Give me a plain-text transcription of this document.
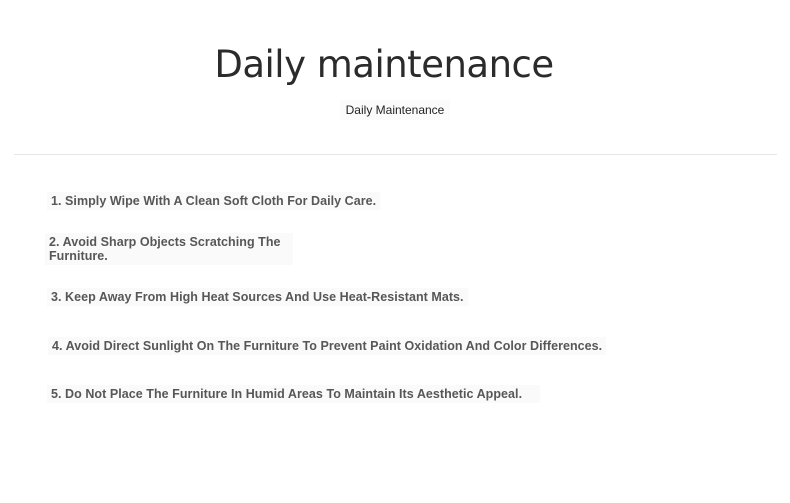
Daily maintenance
Daily Maintenance
1. Simply Wipe With A Clean Soft Cloth For Daily Care.
2. Avoid Sharp Objects Scratching The Furniture.
3. Keep Away From High Heat Sources And Use Heat-Resistant Mats.
4. Avoid Direct Sunlight On The Furniture To Prevent Paint Oxidation And Color Differences.
5. Do Not Place The Furniture In Humid Areas To Maintain Its Aesthetic Appeal.
